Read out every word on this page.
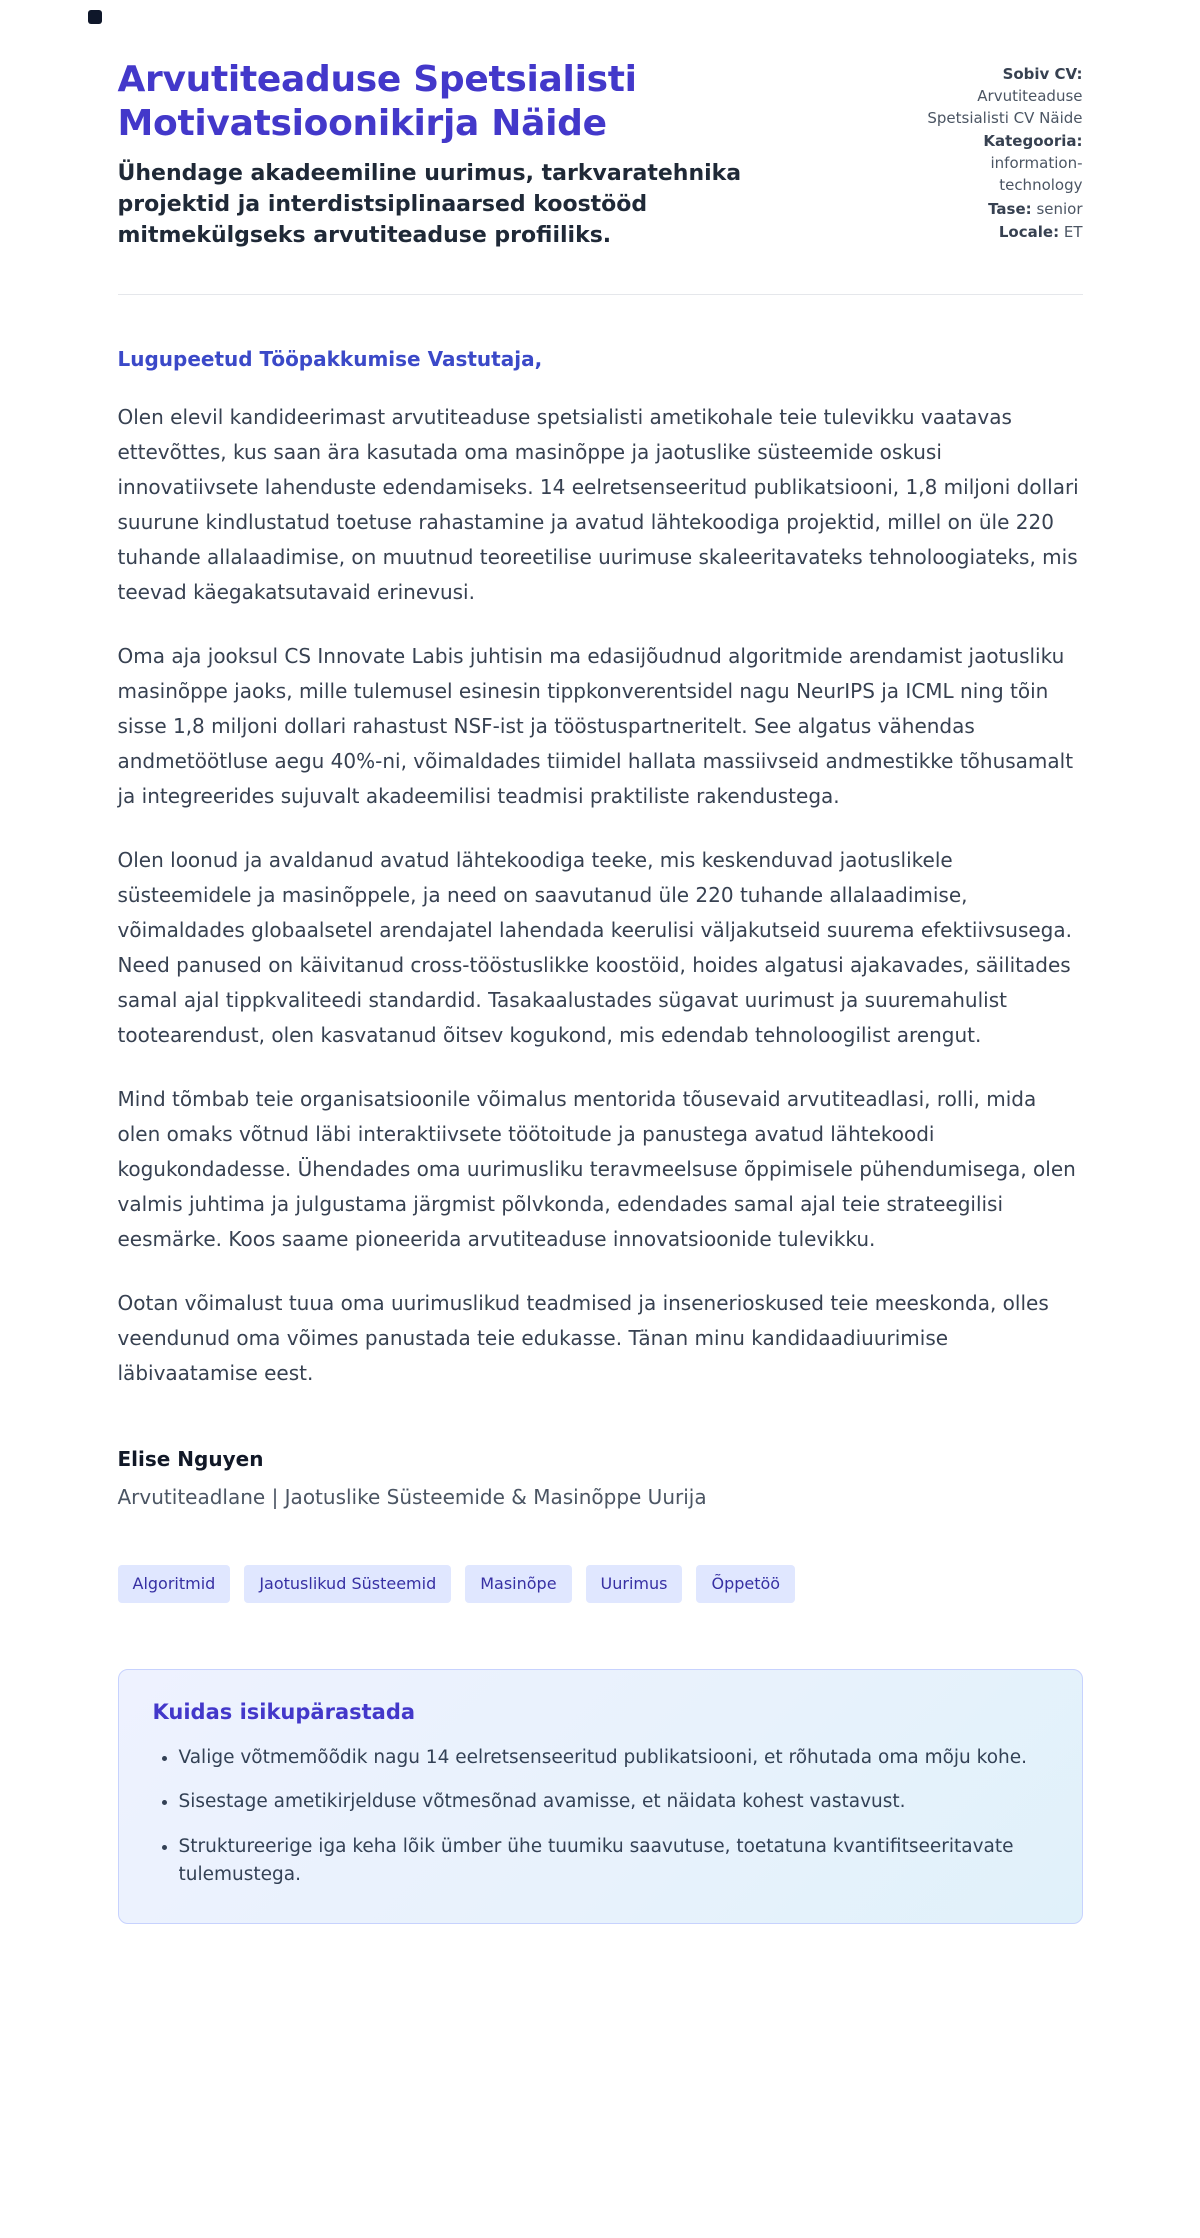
Arvutiteaduse Spetsialisti Motivatsioonikirja Näide

Ühendage akadeemiline uurimus, tarkvaratehnika projektid ja interdistsiplinaarsed koostööd mitmekülgseks arvutiteaduse profiiliks.

Sobiv CV: Arvutiteaduse Spetsialisti CV Näide
Kategooria: information-technology
Tase: senior
Locale: ET

Lugupeetud Tööpakkumise Vastutaja,

Olen elevil kandideerimast arvutiteaduse spetsialisti ametikohale teie tulevikku vaatavas ettevõttes, kus saan ära kasutada oma masinõppe ja jaotuslike süsteemide oskusi innovatiivsete lahenduste edendamiseks. 14 eelretsenseeritud publikatsiooni, 1,8 miljoni dollari suurune kindlustatud toetuse rahastamine ja avatud lähtekoodiga projektid, millel on üle 220 tuhande allalaadimise, on muutnud teoreetilise uurimuse skaleeritavateks tehnoloogiateks, mis teevad käegakatsutavaid erinevusi.

Oma aja jooksul CS Innovate Labis juhtisin ma edasijõudnud algoritmide arendamist jaotusliku masinõppe jaoks, mille tulemusel esinesin tippkonverentsidel nagu NeurIPS ja ICML ning tõin sisse 1,8 miljoni dollari rahastust NSF-ist ja tööstuspartneritelt. See algatus vähendas andmetöötluse aegu 40%-ni, võimaldades tiimidel hallata massiivseid andmestikke tõhusamalt ja integreerides sujuvalt akadeemilisi teadmisi praktiliste rakendustega.

Olen loonud ja avaldanud avatud lähtekoodiga teeke, mis keskenduvad jaotuslikele süsteemidele ja masinõppele, ja need on saavutanud üle 220 tuhande allalaadimise, võimaldades globaalsetel arendajatel lahendada keerulisi väljakutseid suurema efektiivsusega. Need panused on käivitanud cross-tööstuslikke koostöid, hoides algatusi ajakavades, säilitades samal ajal tippkvaliteedi standardid. Tasakaalustades sügavat uurimust ja suuremahulist tootearendust, olen kasvatanud õitsev kogukond, mis edendab tehnoloogilist arengut.

Mind tõmbab teie organisatsioonile võimalus mentorida tõusevaid arvutiteadlasi, rolli, mida olen omaks võtnud läbi interaktiivsete töötoitude ja panustega avatud lähtekoodi kogukondadesse. Ühendades oma uurimusliku teravmeelsuse õppimisele pühendumisega, olen valmis juhtima ja julgustama järgmist põlvkonda, edendades samal ajal teie strateegilisi eesmärke. Koos saame pioneerida arvutiteaduse innovatsioonide tulevikku.

Ootan võimalust tuua oma uurimuslikud teadmised ja insenerioskused teie meeskonda, olles veendunud oma võimes panustada teie edukasse. Tänan minu kandidaadiuurimise läbivaatamise eest.

Elise Nguyen

Arvutiteadlane | Jaotuslike Süsteemide & Masinõppe Uurija

Algoritmid	Jaotuslikud Süsteemid	Masinõpe	Uurimus	Õppetöö
Kuidas isikupärastada
• Valige võtmemõõdik nagu 14 eelretsenseeritud publikatsiooni, et rõhutada oma mõju kohe.
• Sisestage ametikirjelduse võtmesõnad avamisse, et näidata kohest vastavust.
• Struktureerige iga keha lõik ümber ühe tuumiku saavutuse, toetatuna kvantifitseeritavate tulemustega.
